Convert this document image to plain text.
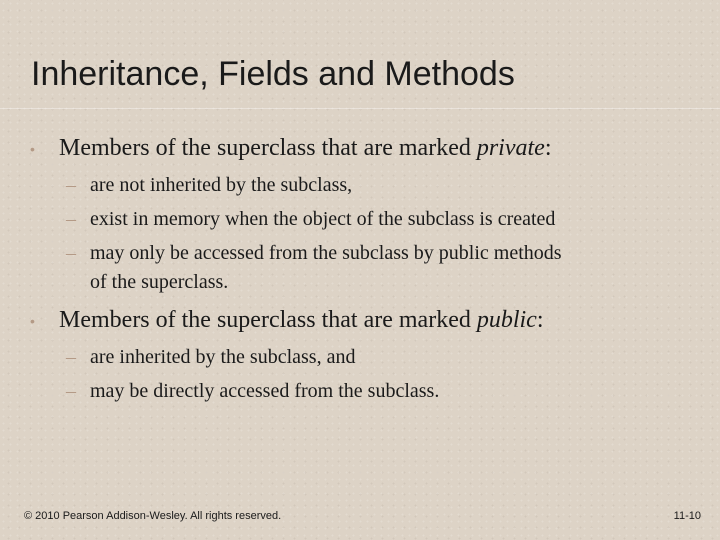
Inheritance, Fields and Methods
• Members of the superclass that are marked private:
– are not inherited by the subclass,
– exist in memory when the object of the subclass is created
– may only be accessed from the subclass by public methods
of the superclass.
• Members of the superclass that are marked public:
– are inherited by the subclass, and
– may be directly accessed from the subclass.
© 2010 Pearson Addison-Wesley. All rights reserved.	11-10
